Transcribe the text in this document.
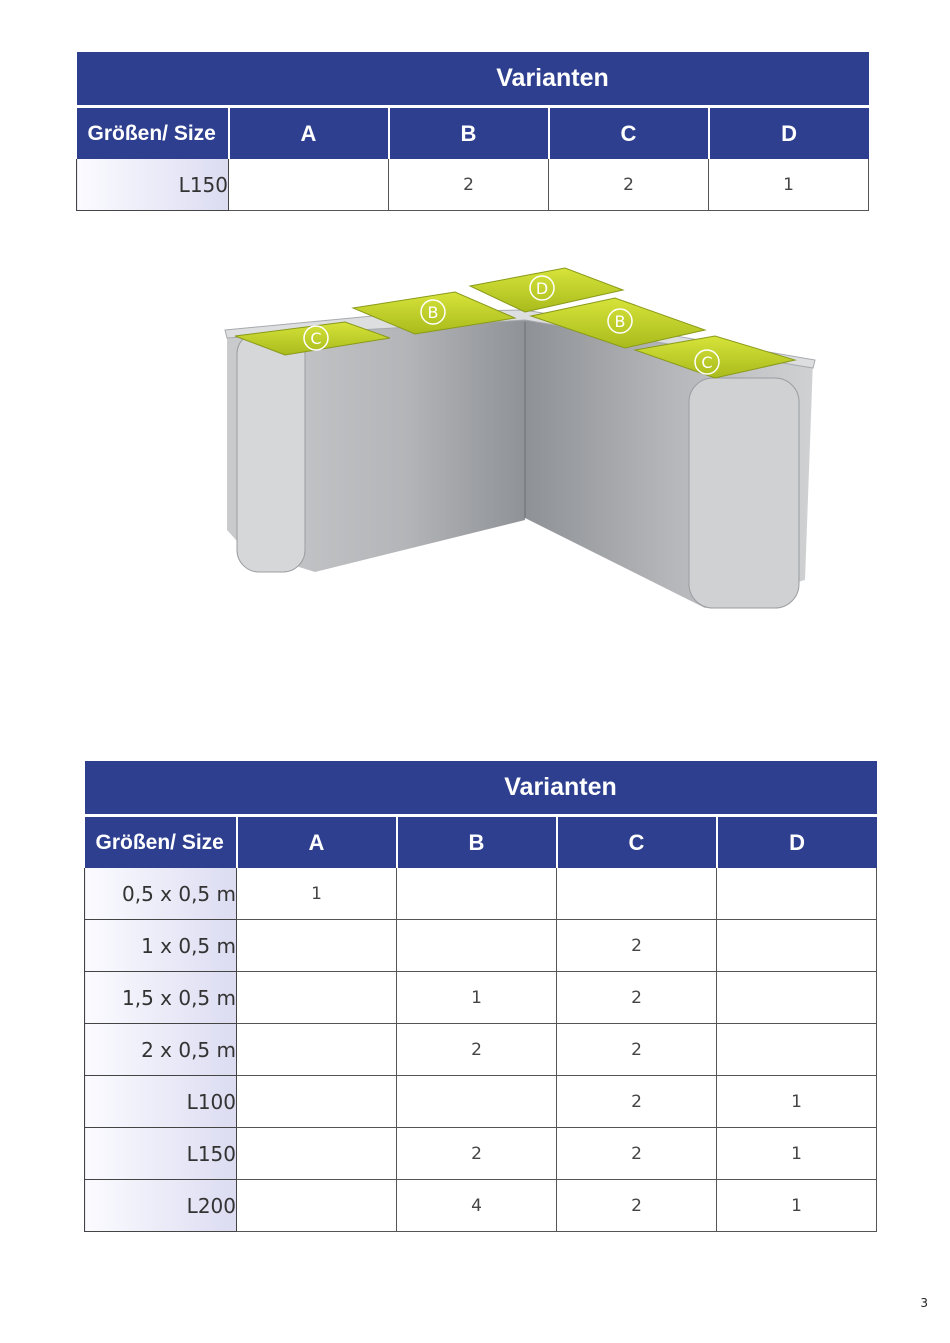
Varianten				
Größen/ Size	A	B	C	D
L150		2	2	1
C
B
D
B
C
Varianten				
Größen/ Size	A	B	C	D
0,5 x 0,5 m	1			
1 x 0,5 m			2	
1,5 x 0,5 m		1	2	
2 x 0,5 m		2	2	
L100			2	1
L150		2	2	1
L200		4	2	1
3
